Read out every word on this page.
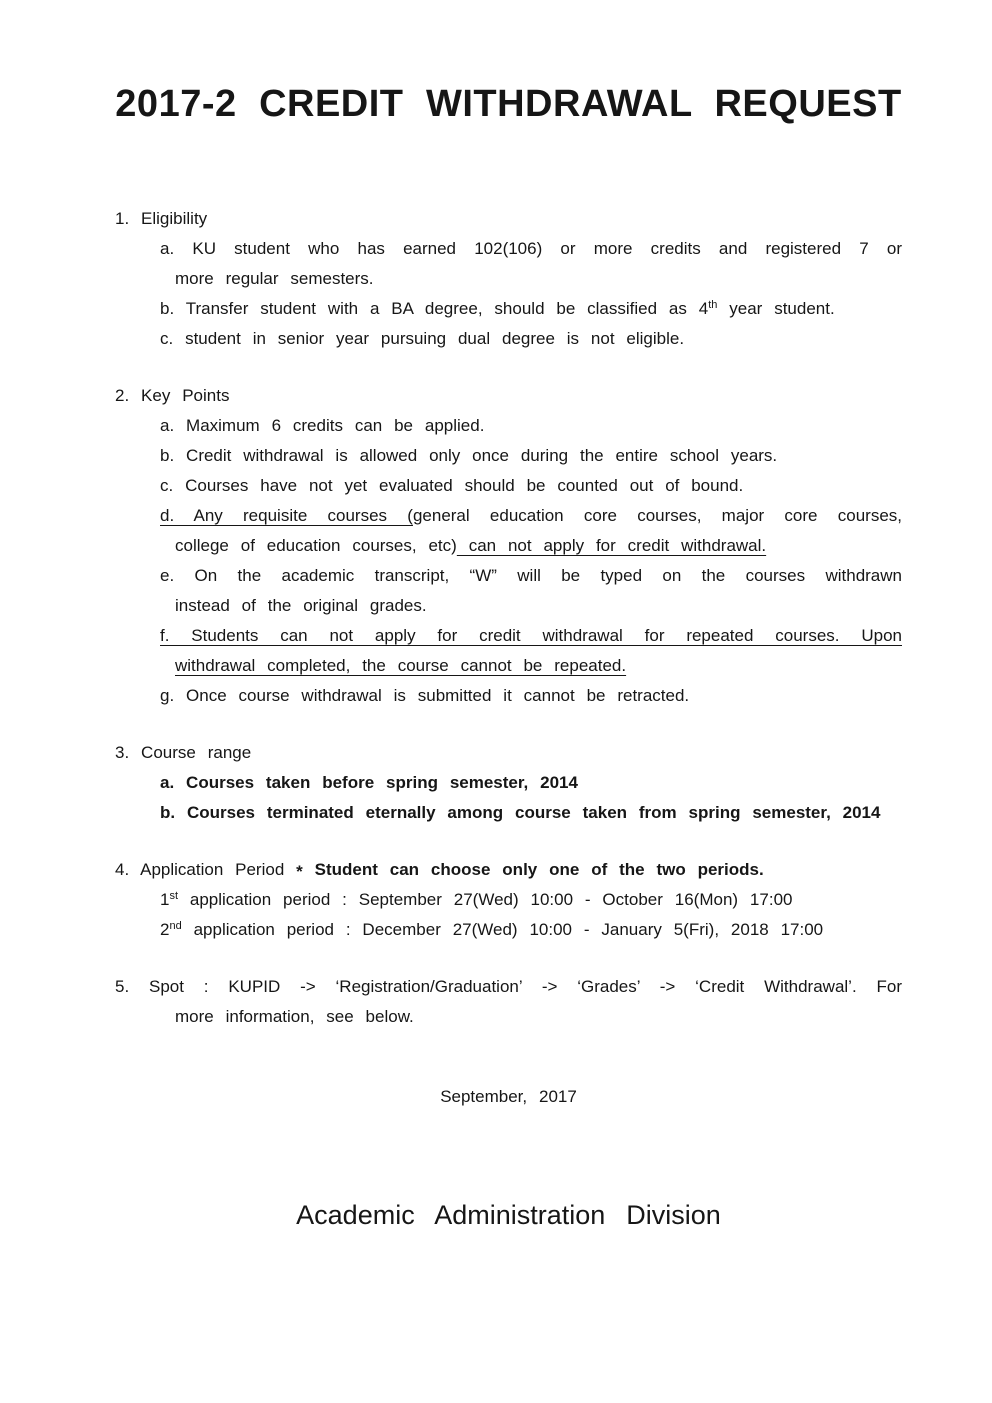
2017-2 CREDIT WITHDRAWAL REQUEST
1. Eligibility
a. KU student who has earned 102(106) or more credits and registered 7 or
more regular semesters.
b. Transfer student with a BA degree, should be classified as 4th year student.
c. student in senior year pursuing dual degree is not eligible.
2. Key Points
a. Maximum 6 credits can be applied.
b. Credit withdrawal is allowed only once during the entire school years.
c. Courses have not yet evaluated should be counted out of bound.
d. Any requisite courses (general education core courses, major core courses,
college of education courses, etc) can not apply for credit withdrawal.
e. On the academic transcript, “W” will be typed on the courses withdrawn
instead of the original grades.
f. Students can not apply for credit withdrawal for repeated courses. Upon
withdrawal completed, the course cannot be repeated.
g. Once course withdrawal is submitted it cannot be retracted.
3. Course range
a. Courses taken before spring semester, 2014
b. Courses terminated eternally among course taken from spring semester, 2014
4. Application Period * Student can choose only one of the two periods.
1st application period : September 27(Wed) 10:00 - October 16(Mon) 17:00
2nd application period : December 27(Wed) 10:00 - January 5(Fri), 2018 17:00
5. Spot : KUPID -> ‘Registration/Graduation’ -> ‘Grades’ -> ‘Credit Withdrawal’. For
more information, see below.
September, 2017
Academic Administration Division
